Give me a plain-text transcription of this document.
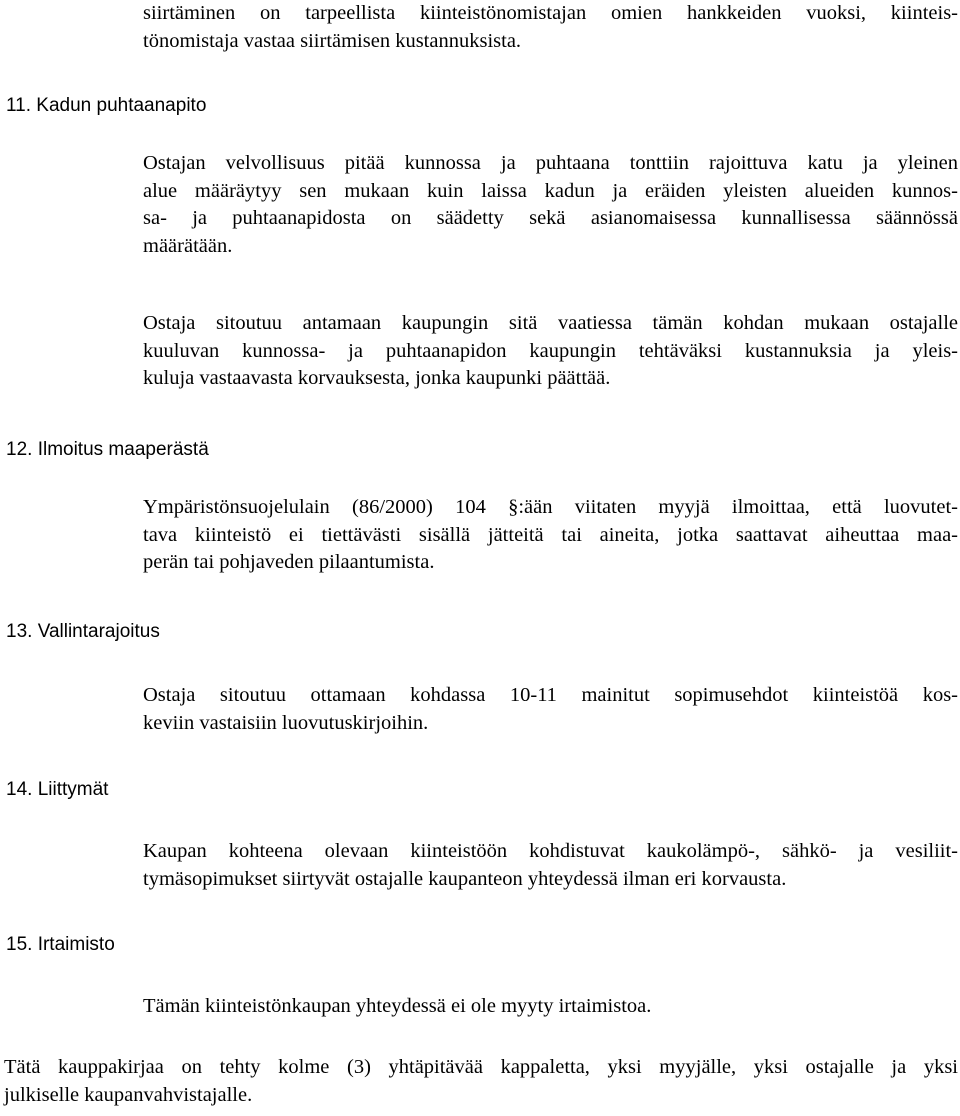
siirtäminen on tarpeellista kiinteistönomistajan omien hankkeiden vuoksi, kiinteis-
tönomistaja vastaa siirtämisen kustannuksista.

11. Kadun puhtaanapito

Ostajan velvollisuus pitää kunnossa ja puhtaana tonttiin rajoittuva katu ja yleinen
alue määräytyy sen mukaan kuin laissa kadun ja eräiden yleisten alueiden kunnos-
sa- ja puhtaanapidosta on säädetty sekä asianomaisessa kunnallisessa säännössä
määrätään.

Ostaja sitoutuu antamaan kaupungin sitä vaatiessa tämän kohdan mukaan ostajalle
kuuluvan kunnossa- ja puhtaanapidon kaupungin tehtäväksi kustannuksia ja yleis-
kuluja vastaavasta korvauksesta, jonka kaupunki päättää.

12. Ilmoitus maaperästä

Ympäristönsuojelulain (86/2000) 104 §:ään viitaten myyjä ilmoittaa, että luovutet-
tava kiinteistö ei tiettävästi sisällä jätteitä tai aineita, jotka saattavat aiheuttaa maa-
perän tai pohjaveden pilaantumista.

13. Vallintarajoitus

Ostaja sitoutuu ottamaan kohdassa 10-11 mainitut sopimusehdot kiinteistöä kos-
keviin vastaisiin luovutuskirjoihin.

14. Liittymät

Kaupan kohteena olevaan kiinteistöön kohdistuvat kaukolämpö-, sähkö- ja vesiliit-
tymäsopimukset siirtyvät ostajalle kaupanteon yhteydessä ilman eri korvausta.

15. Irtaimisto

Tämän kiinteistönkaupan yhteydessä ei ole myyty irtaimistoa.

Tätä kauppakirjaa on tehty kolme (3) yhtäpitävää kappaletta, yksi myyjälle, yksi ostajalle ja yksi
julkiselle kaupanvahvistajalle.
